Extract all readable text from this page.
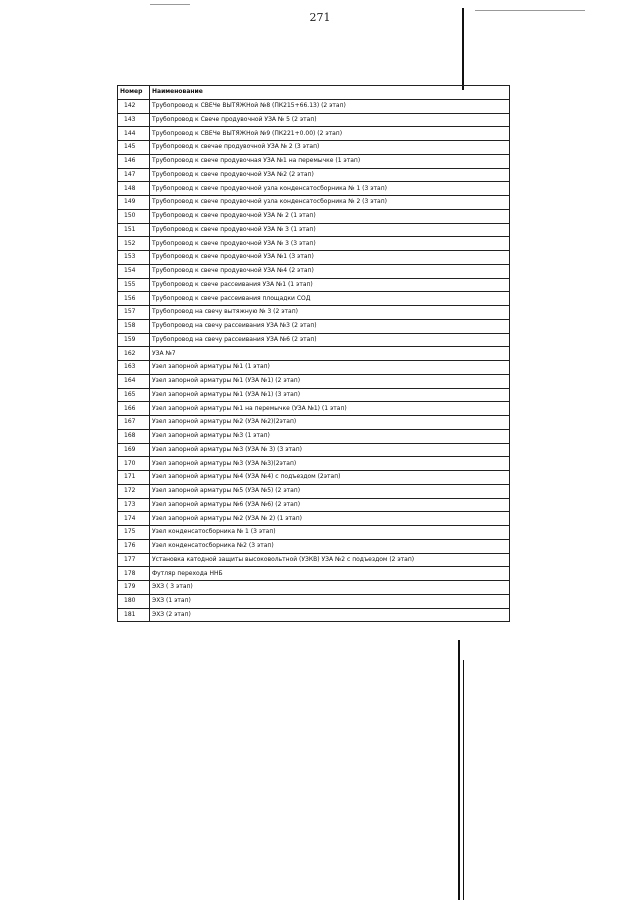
271
Номер	Наименование
142	Трубопровод к СВЕЧе ВЫТЯЖНой №8 (ПК215+66.13) (2 этап)
143	Трубопровод к Свече продувочной УЗА № 5 (2 этап)
144	Трубопровод к СВЕЧе ВЫТЯЖНой №9 (ПК221+0.00) (2 этап)
145	Трубопровод к свечае продувочной УЗА № 2 (3 этап)
146	Трубопровод к свече продувочная УЗА №1 на перемычке (1 этап)
147	Трубопровод к свече продувочной УЗА №2 (2 этап)
148	Трубопровод к свече продувочной узла конденсатосборника № 1 (3 этап)
149	Трубопровод к свече продувочной узла конденсатосборника № 2 (3 этап)
150	Трубопровод к свече продувочной УЗА № 2 (1 этап)
151	Трубопровод к свече продувочной УЗА № 3 (1 этап)
152	Трубопровод к свече продувочной УЗА № 3 (3 этап)
153	Трубопровод к свече продувочной УЗА №1 (3 этап)
154	Трубопровод к свече продувочной УЗА №4 (2 этап)
155	Трубопровод к свече рассеивания УЗА №1 (1 этап)
156	Трубопровод к свече рассеивания площадки СОД
157	Трубопровод на свечу вытяжную № 3 (2 этап)
158	Трубопровод на свечу рассеивания УЗА №3 (2 этап)
159	Трубопровод на свечу рассеивания УЗА №6 (2 этап)
162	УЗА №7
163	Узел запорной арматуры №1 (1 этап)
164	Узел запорной арматуры №1 (УЗА №1) (2 этап)
165	Узел запорной арматуры №1 (УЗА №1) (3 этап)
166	Узел запорной арматуры №1 на перемычке (УЗА №1) (1 этап)
167	Узел запорной арматуры №2 (УЗА №2)(2этап)
168	Узел запорной арматуры №3 (1 этап)
169	Узел запорной арматуры №3 (УЗА № 3) (3 этап)
170	Узел запорной арматуры №3 (УЗА №3)(2этап)
171	Узел запорной арматуры №4 (УЗА №4) с подъездом (2этап)
172	Узел запорной арматуры №5 (УЗА №5) (2 этап)
173	Узел запорной арматуры №6 (УЗА №6) (2 этап)
174	Узел запорной арматуры №2 (УЗА № 2) (1 этап)
175	Узел конденсатосборника № 1 (3 этап)
176	Узел конденсатосборника №2 (3 этап)
177	Установка катодной защиты высоковольтной (УЗКВ) УЗА №2 с подъездом (2 этап)
178	Футляр перехода ННБ
179	ЭХЗ ( 3 этап)
180	ЭХЗ (1 этап)
181	ЭХЗ (2 этап)
